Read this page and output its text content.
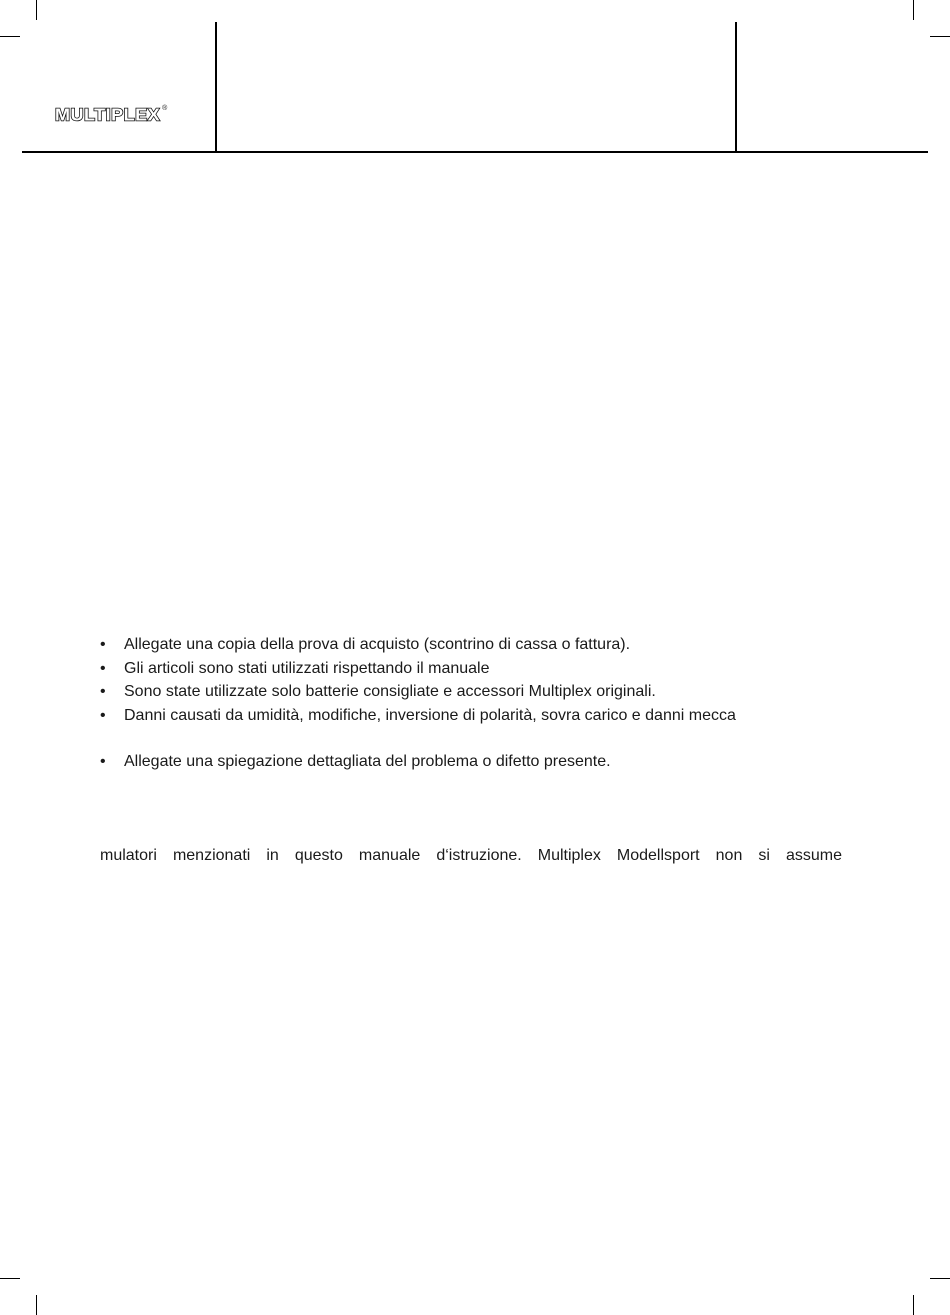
MULTIPLEX ®
•	Allegate una copia della prova di acquisto (scontrino di cassa o fattura).
•	Gli articoli sono stati utilizzati rispettando il manuale
•	Sono state utilizzate solo batterie consigliate e accessori Multiplex originali.
•	Danni causati da umidità, modifiche, inversione di polarità, sovra carico e danni mecca
•	Allegate una spiegazione dettagliata del problema o difetto presente.
mulatori menzionati in questo manuale d‘istruzione. Multiplex Modellsport non si assume
